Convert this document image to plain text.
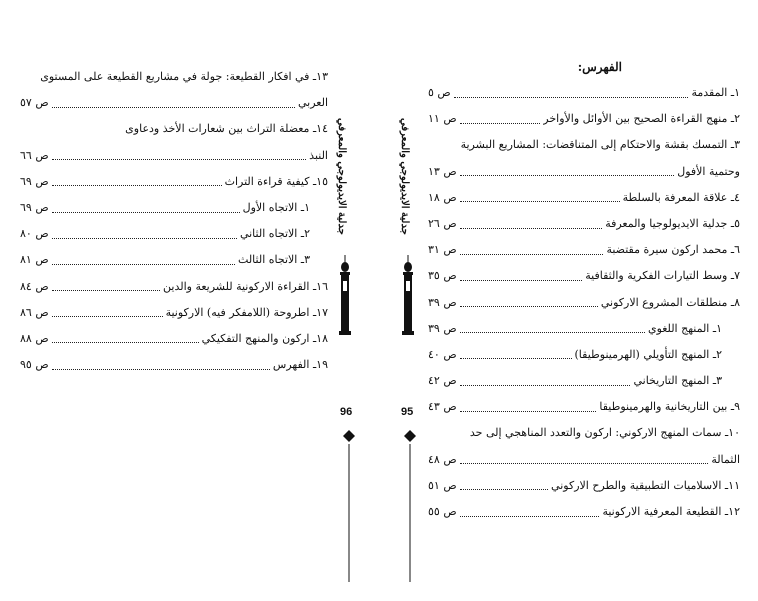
الفهرس:
١ـ المقدمة
ص ٥
٢ـ منهج القراءة الصحيح بين الأوائل والأواخر
ص ١١
٣ـ التمسك بقشة والاحتكام إلى المتناقضات: المشاريع البشرية
وحتمية الأفول
ص ١٣
٤ـ علاقة المعرفة بالسلطة
ص ١٨
٥ـ جدلية الايديولوجيا والمعرفة
ص ٢٦
٦ـ محمد اركون سيرة مقتضبة
ص ٣١
٧ـ وسط التيارات الفكرية والثقافية
ص ٣٥
٨ـ منطلقات المشروع الاركوني
ص ٣٩
١ـ المنهج اللغوي
ص ٣٩
٢ـ المنهج التأويلي (الهرمينوطيقا)
ص ٤٠
٣ـ المنهج التاريخاني
ص ٤٢
٩ـ بين التاريخانية والهرمينوطيقا
ص ٤٣
١٠ـ سمات المنهج الاركوني: اركون والتعدد المناهجي إلى حد
الثمالة
ص ٤٨
١١ـ الاسلاميات التطبيقية والطرح الاركوني
ص ٥١
١٢ـ القطيعة المعرفية الاركونية
ص ٥٥
جدلية الايديولوجي والمعرفي
95
١٣ـ في افكار القطيعة: جولة في مشاريع القطيعة على المستوى
العربي
ص ٥٧
١٤ـ معضلة التراث بين شعارات الأخذ ودعاوى
النبذ
ص ٦٦
١٥ـ كيفية قراءة التراث
ص ٦٩
١ـ الاتجاه الأول
ص ٦٩
٢ـ الاتجاه الثاني
ص ٨٠
٣ـ الاتجاه الثالث
ص ٨١
١٦ـ القراءة الاركونية للشريعة والدين
ص ٨٤
١٧ـ اطروحة (اللامفكر فيه) الاركونية
ص ٨٦
١٨ـ اركون والمنهج التفكيكي
ص ٨٨
١٩ـ الفهرس
ص ٩٥
جدلية الايديولوجي والمعرفي
96
